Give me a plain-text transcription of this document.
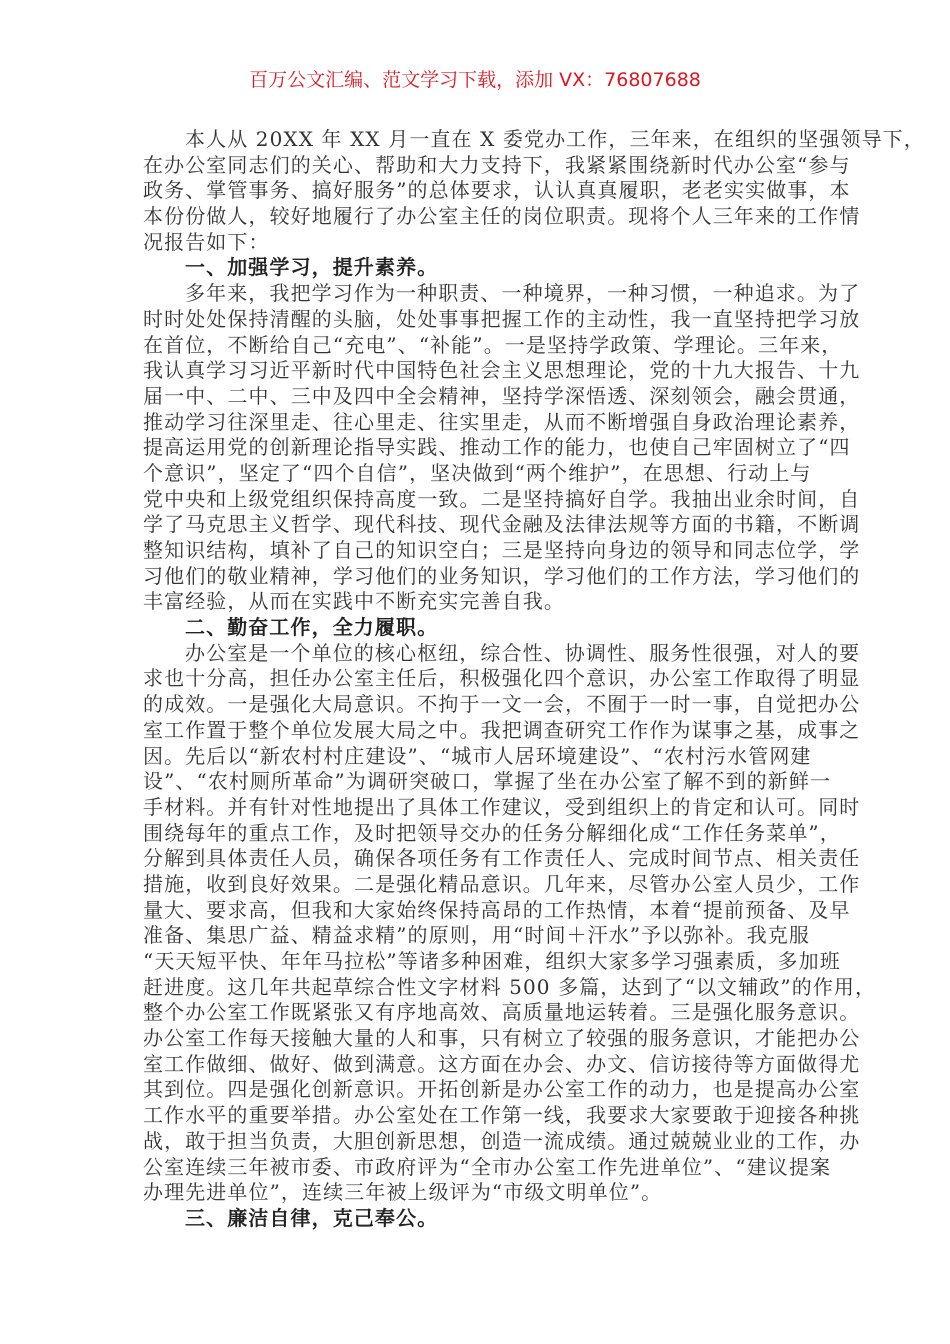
百万公文汇编、范文学习下载，添加 VX：76807688
本人从 20XX 年 XX 月一直在 X 委党办工作，三年来，在组织的坚强领导下，
在办公室同志们的关心、帮助和大力支持下，我紧紧围绕新时代办公室“参与
政务、掌管事务、搞好服务”的总体要求，认认真真履职，老老实实做事，本
本份份做人，较好地履行了办公室主任的岗位职责。现将个人三年来的工作情
况报告如下：
一、加强学习，提升素养。
多年来，我把学习作为一种职责、一种境界，一种习惯，一种追求。为了
时时处处保持清醒的头脑，处处事事把握工作的主动性，我一直坚持把学习放
在首位，不断给自己“充电”、“补能”。一是坚持学政策、学理论。三年来，
我认真学习习近平新时代中国特色社会主义思想理论，党的十九大报告、十九
届一中、二中、三中及四中全会精神，坚持学深悟透、深刻领会，融会贯通，
推动学习往深里走、往心里走、往实里走，从而不断增强自身政治理论素养，
提高运用党的创新理论指导实践、推动工作的能力，也使自己牢固树立了“四
个意识”，坚定了“四个自信”，坚决做到“两个维护”，在思想、行动上与
党中央和上级党组织保持高度一致。二是坚持搞好自学。我抽出业余时间，自
学了马克思主义哲学、现代科技、现代金融及法律法规等方面的书籍，不断调
整知识结构，填补了自己的知识空白；三是坚持向身边的领导和同志位学，学
习他们的敬业精神，学习他们的业务知识，学习他们的工作方法，学习他们的
丰富经验，从而在实践中不断充实完善自我。
二、勤奋工作，全力履职。
办公室是一个单位的核心枢纽，综合性、协调性、服务性很强，对人的要
求也十分高，担任办公室主任后，积极强化四个意识，办公室工作取得了明显
的成效。一是强化大局意识。不拘于一文一会，不囿于一时一事，自觉把办公
室工作置于整个单位发展大局之中。我把调查研究工作作为谋事之基，成事之
因。先后以“新农村村庄建设”、“城市人居环境建设”、“农村污水管网建
设”、“农村厕所革命”为调研突破口，掌握了坐在办公室了解不到的新鲜一
手材料。并有针对性地提出了具体工作建议，受到组织上的肯定和认可。同时
围绕每年的重点工作，及时把领导交办的任务分解细化成“工作任务菜单”，
分解到具体责任人员，确保各项任务有工作责任人、完成时间节点、相关责任
措施，收到良好效果。二是强化精品意识。几年来，尽管办公室人员少，工作
量大、要求高，但我和大家始终保持高昂的工作热情，本着“提前预备、及早
准备、集思广益、精益求精”的原则，用“时间＋汗水”予以弥补。我克服
“天天短平快、年年马拉松”等诸多种困难，组织大家多学习强素质，多加班
赶进度。这几年共起草综合性文字材料 500 多篇，达到了“以文辅政”的作用，
整个办公室工作既紧张又有序地高效、高质量地运转着。三是强化服务意识。
办公室工作每天接触大量的人和事，只有树立了较强的服务意识，才能把办公
室工作做细、做好、做到满意。这方面在办会、办文、信访接待等方面做得尤
其到位。四是强化创新意识。开拓创新是办公室工作的动力，也是提高办公室
工作水平的重要举措。办公室处在工作第一线，我要求大家要敢于迎接各种挑
战，敢于担当负责，大胆创新思想，创造一流成绩。通过兢兢业业的工作，办
公室连续三年被市委、市政府评为“全市办公室工作先进单位”、“建议提案
办理先进单位”，连续三年被上级评为“市级文明单位”。
三、廉洁自律，克己奉公。
